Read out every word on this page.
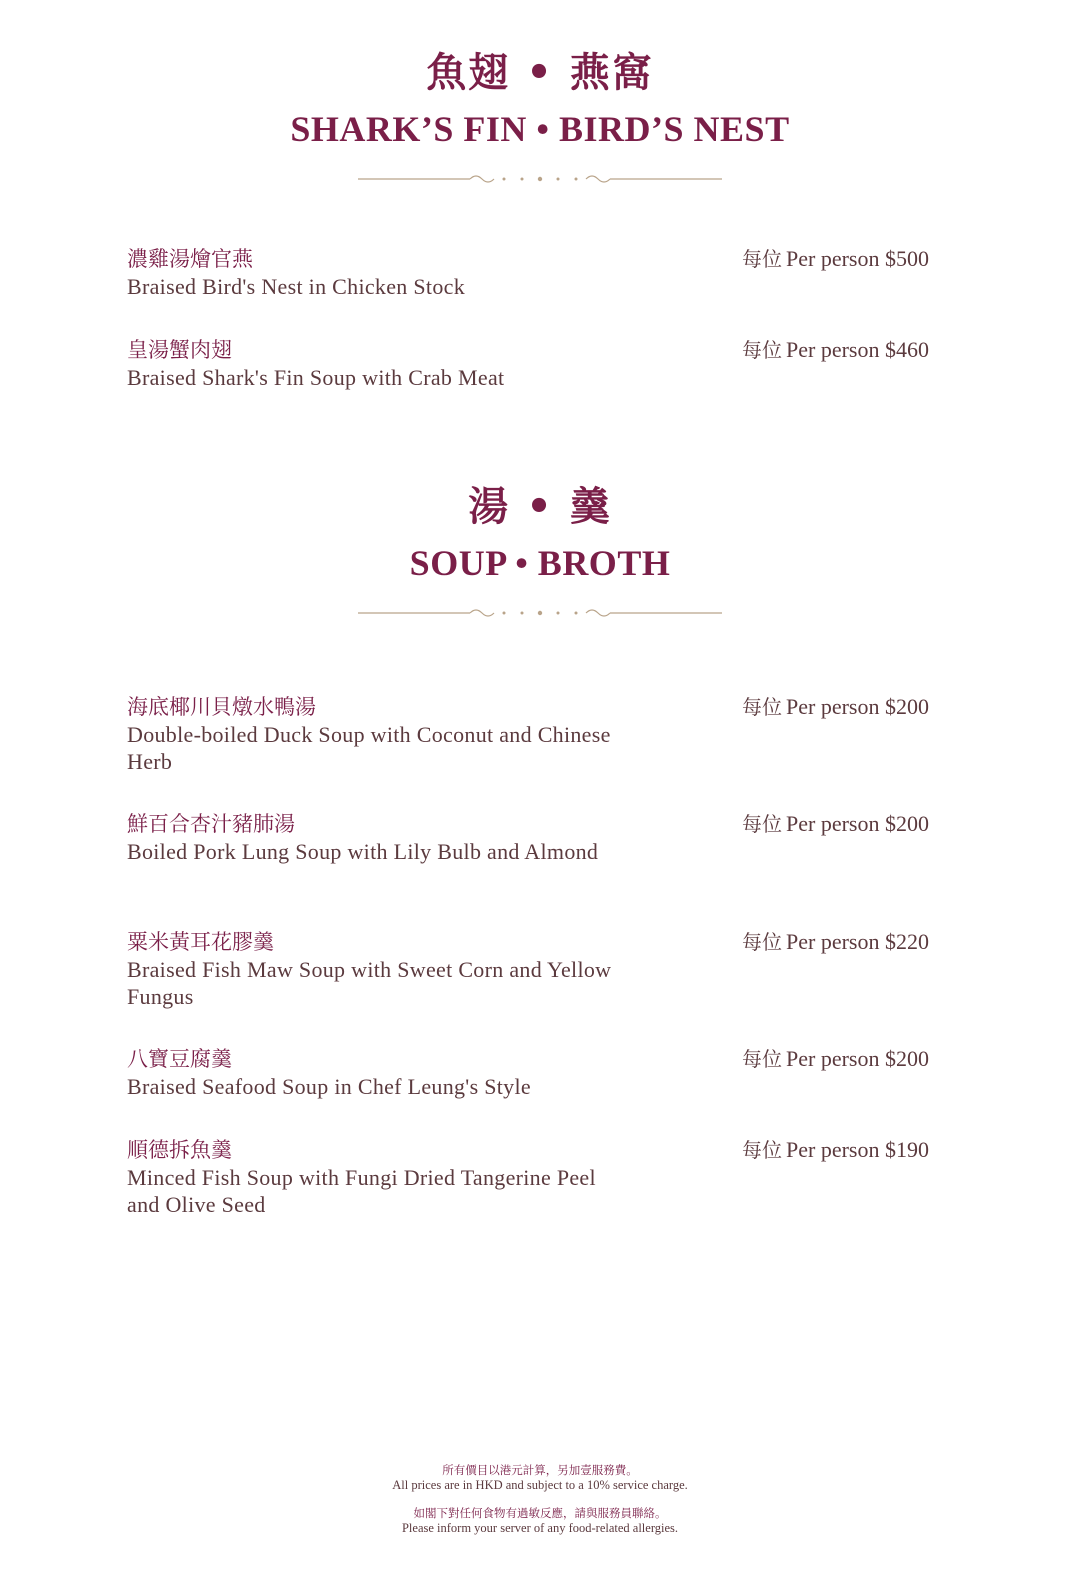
魚翅 • 燕窩
SHARK’S FIN • BIRD’S NEST
濃雞湯燴官燕
Braised Bird's Nest in Chicken Stock
每位 Per person $500
皇湯蟹肉翅
Braised Shark's Fin Soup with Crab Meat
每位 Per person $460
湯 • 羹
SOUP • BROTH
海底椰川貝燉水鴨湯
Double-boiled Duck Soup with Coconut and Chinese Herb
每位 Per person $200
鮮百合杏汁豬肺湯
Boiled Pork Lung Soup with Lily Bulb and Almond
每位 Per person $200
粟米黃耳花膠羹
Braised Fish Maw Soup with Sweet Corn and Yellow Fungus
每位 Per person $220
八寶豆腐羹
Braised Seafood Soup in Chef Leung's Style
每位 Per person $200
順德拆魚羹
Minced Fish Soup with Fungi Dried Tangerine Peel and Olive Seed
每位 Per person $190
所有價目以港元計算，另加壹服務費。
All prices are in HKD and subject to a 10% service charge.
如閣下對任何食物有過敏反應，請與服務員聯絡。
Please inform your server of any food-related allergies.
